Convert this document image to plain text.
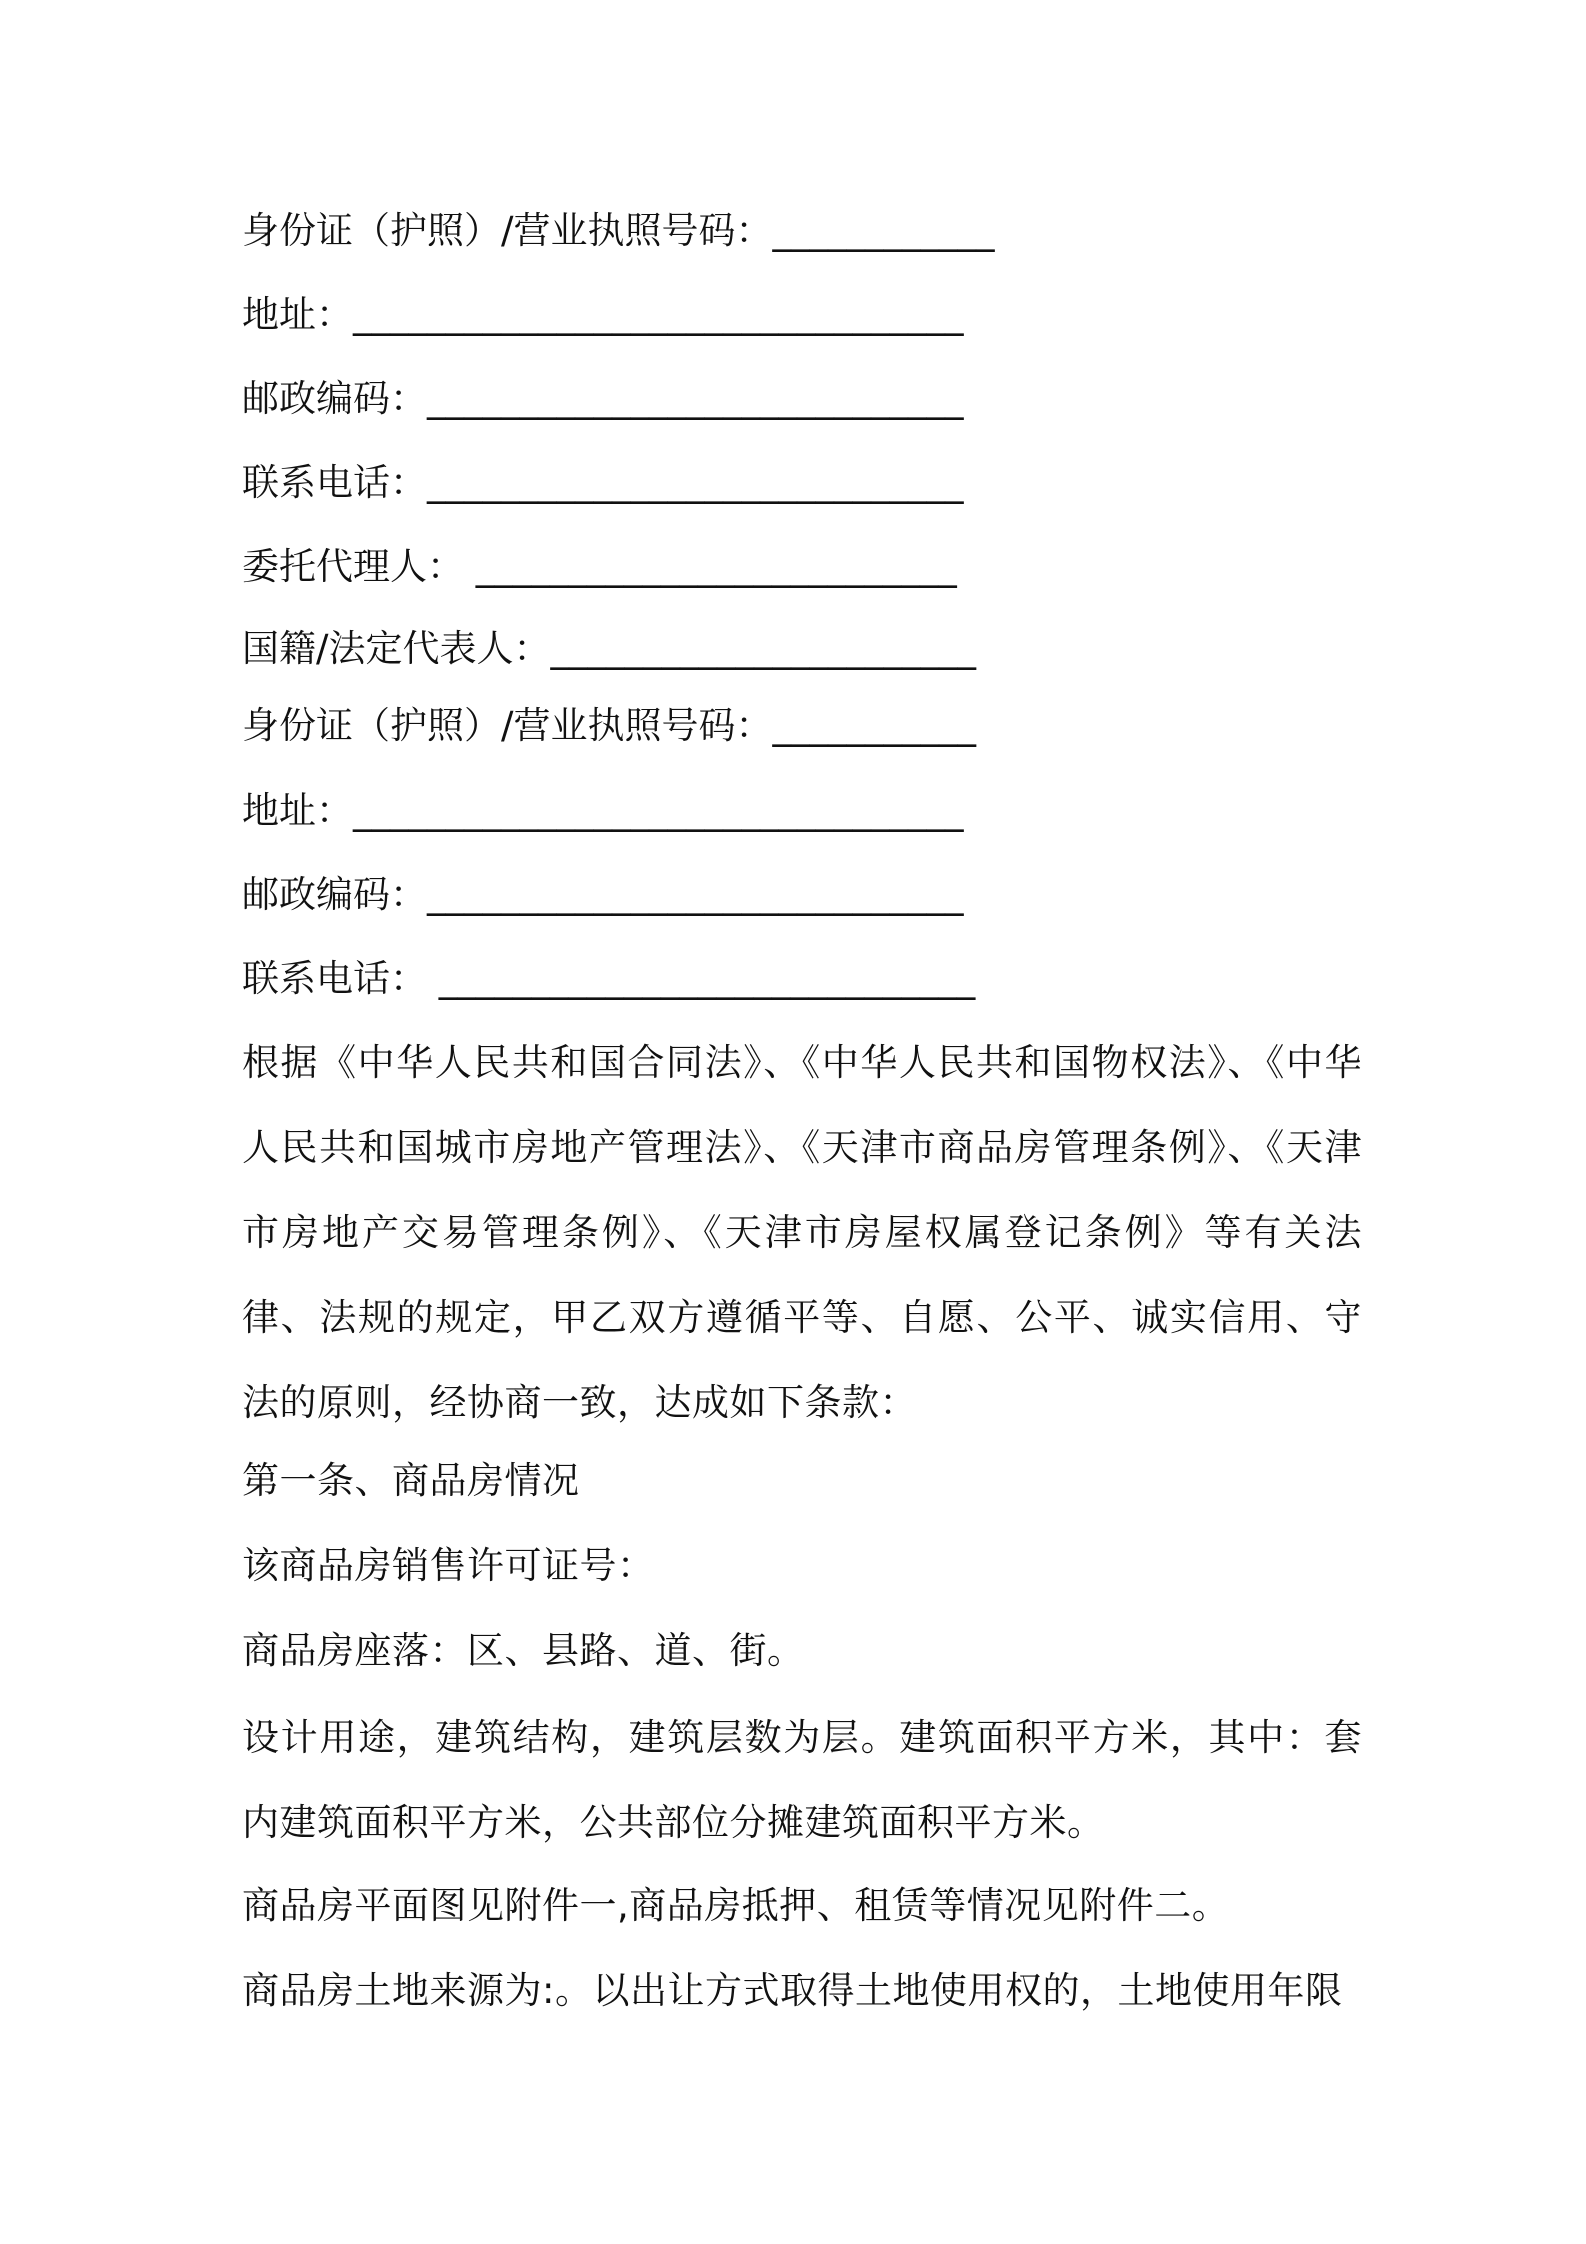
身份证（护照）/营业执照号码：____________
地址：_________________________________
邮政编码：_____________________________
联系电话：_____________________________
委托代理人： __________________________
国籍/法定代表人：_______________________
身份证（护照）/营业执照号码：___________
地址：_________________________________
邮政编码：_____________________________
联系电话： _____________________________
根据《中华人民共和国合同法》、《中华人民共和国物权法》、《中华人民共和国城市房地产管理法》、《天津市商品房管理条例》、《天津市房地产交易管理条例》、《天津市房屋权属登记条例》等有关法律、法规的规定，甲乙双方遵循平等、自愿、公平、诚实信用、守法的原则，经协商一致，达成如下条款：
第一条、商品房情况
该商品房销售许可证号：
商品房座落：区、县路、道、街。
设计用途，建筑结构，建筑层数为层。建筑面积平方米，其中：套内建筑面积平方米，公共部位分摊建筑面积平方米。
商品房平面图见附件一,商品房抵押、租赁等情况见附件二。
商品房土地来源为:。以出让方式取得土地使用权的，土地使用年限
